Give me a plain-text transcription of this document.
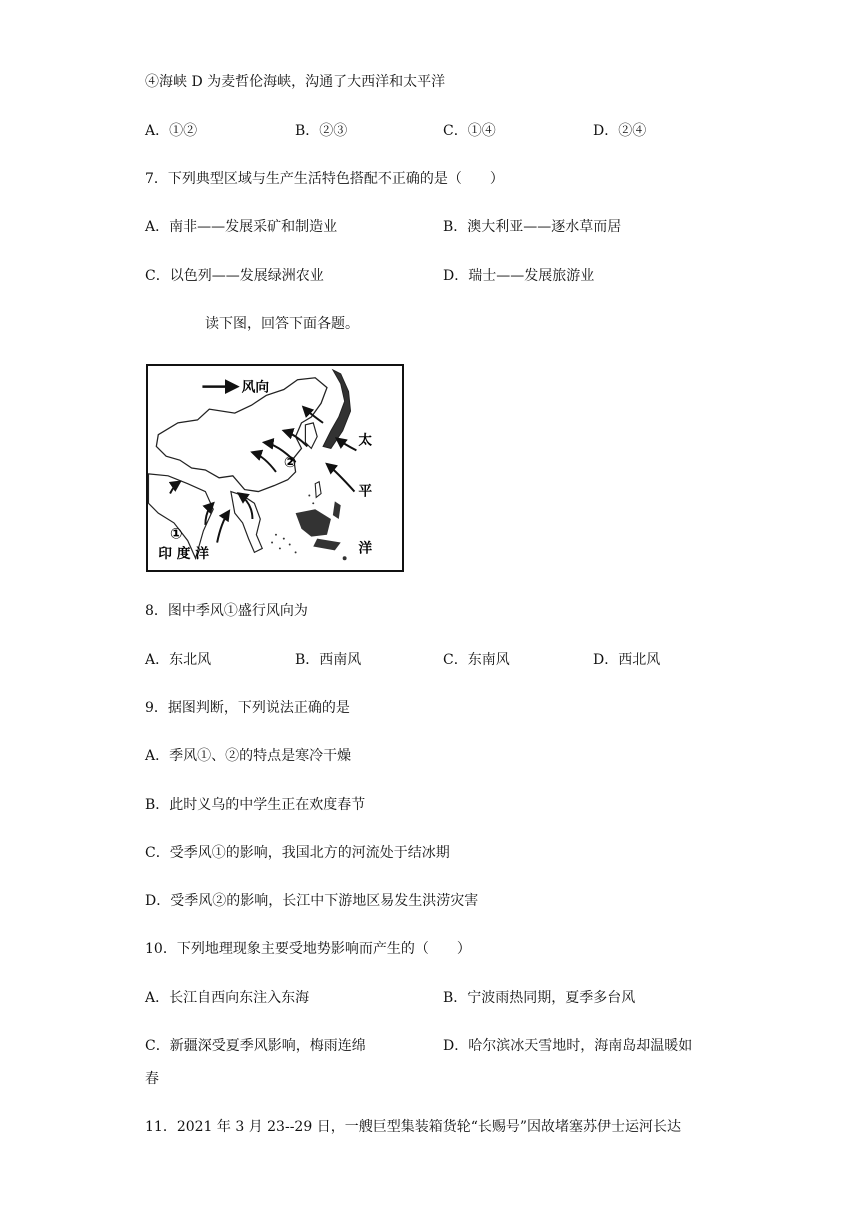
④海峡 D 为麦哲伦海峡，沟通了大西洋和太平洋
A．①②	B．②③	C．①④	D．②④
7．下列典型区域与生产生活特色搭配不正确的是（　　）
A．南非——发展采矿和制造业	B．澳大利亚——逐水草而居
C．以色列——发展绿洲农业	D．瑞士——发展旅游业
读下图，回答下面各题。
风向
②
①
印 度 洋
太
平
洋
8．图中季风①盛行风向为
A．东北风	B．西南风	C．东南风	D．西北风
9．据图判断，下列说法正确的是
A．季风①、②的特点是寒冷干燥
B．此时义乌的中学生正在欢度春节
C．受季风①的影响，我国北方的河流处于结冰期
D．受季风②的影响，长江中下游地区易发生洪涝灾害
10．下列地理现象主要受地势影响而产生的（　　）
A．长江自西向东注入东海	B．宁波雨热同期，夏季多台风
C．新疆深受夏季风影响，梅雨连绵	D．哈尔滨冰天雪地时，海南岛却温暖如
春
11．2021 年 3 月 23--29 日，一艘巨型集装箱货轮“长赐号”因故堵塞苏伊士运河长达
